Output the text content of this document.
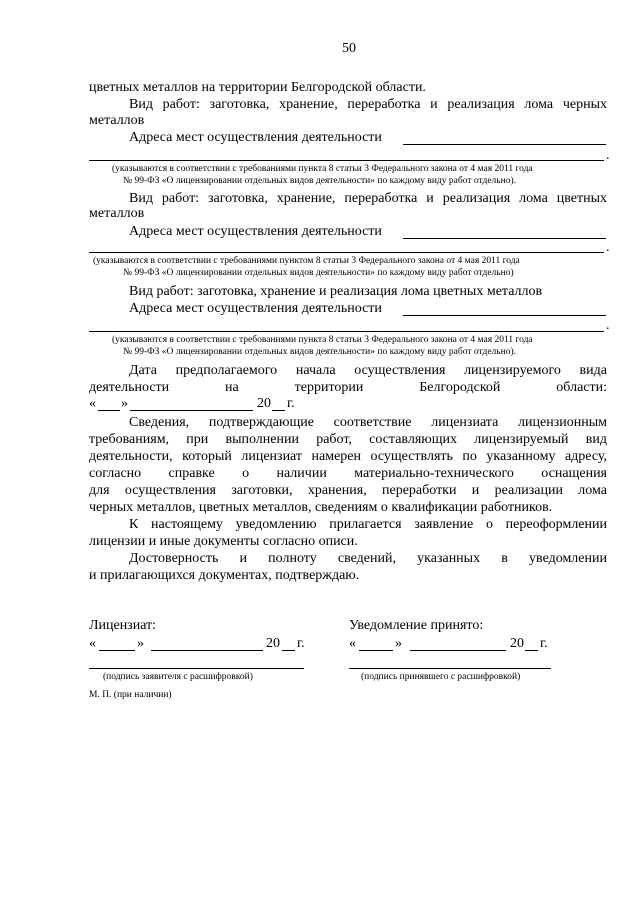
50
цветных металлов на территории Белгородской области.
Вид работ: заготовка, хранение, переработка и реализация лома черных
металлов
Адреса мест осуществления деятельности
.
(указываются в соответствии с требованиями пункта 8 статьи 3 Федерального закона от 4 мая 2011 года
№ 99-ФЗ «О лицензировании отдельных видов деятельности» по каждому виду работ отдельно).
Вид работ: заготовка, хранение, переработка и реализация лома цветных
металлов
Адреса мест осуществления деятельности
.
(указываются в соответствии с требованиями пунктом 8 статьи 3 Федерального закона от 4 мая 2011 года
№ 99-ФЗ «О лицензировании отдельных видов деятельности» по каждому виду работ отдельно)
Вид работ: заготовка, хранение и реализация лома цветных металлов
Адреса мест осуществления деятельности
.
(указываются в соответствии с требованиями пункта 8 статьи 3 Федерального закона от 4 мая 2011 года
№ 99-ФЗ «О лицензировании отдельных видов деятельности» по каждому виду работ отдельно).
Дата предполагаемого начала осуществления лицензируемого вида
деятельности на территории Белгородской области:
« »	20 г.
Сведения, подтверждающие соответствие лицензиата лицензионным
требованиям, при выполнении работ, составляющих лицензируемый вид
деятельности, который лицензиат намерен осуществлять по указанному адресу,
согласно справке о наличии материально-технического оснащения
для осуществления заготовки, хранения, переработки и реализации лома
черных металлов, цветных металлов, сведениям о квалификации работников.
К настоящему уведомлению прилагается заявление о переоформлении
лицензии и иные документы согласно описи.
Достоверность и полноту сведений, указанных в уведомлении
и прилагающихся документах, подтверждаю.
Лицензиат:
«	»	20 г.
(подпись заявителя с расшифровкой)
Уведомление принято:
«	»	20 г.
(подпись принявшего с расшифровкой)
М. П. (при наличии)
